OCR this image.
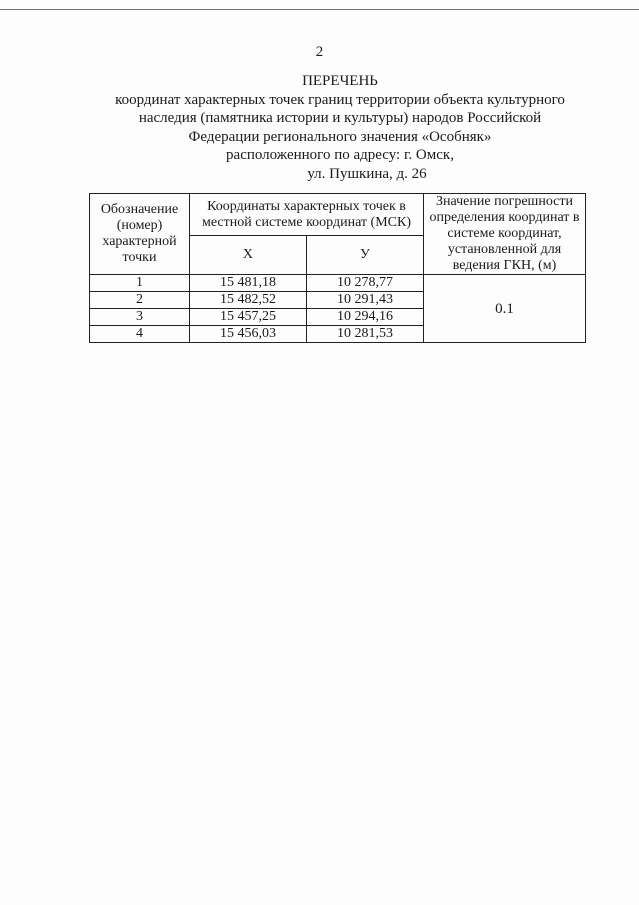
2
ПЕРЕЧЕНЬ
координат характерных точек границ территории объекта культурного
наследия (памятника истории и культуры) народов Российской
Федерации регионального значения «Особняк»
расположенного по адресу: г. Омск,
ул. Пушкина, д. 26
Обозначение (номер) характерной точки	Координаты характерных точек в местной системе координат (МСК)		Значение погрешности определения координат в системе координат, установленной для ведения ГКН, (м)
	Х	У	
1	15 481,18	10 278,77	0.1
2	15 482,52	10 291,43	
3	15 457,25	10 294,16	
4	15 456,03	10 281,53	
